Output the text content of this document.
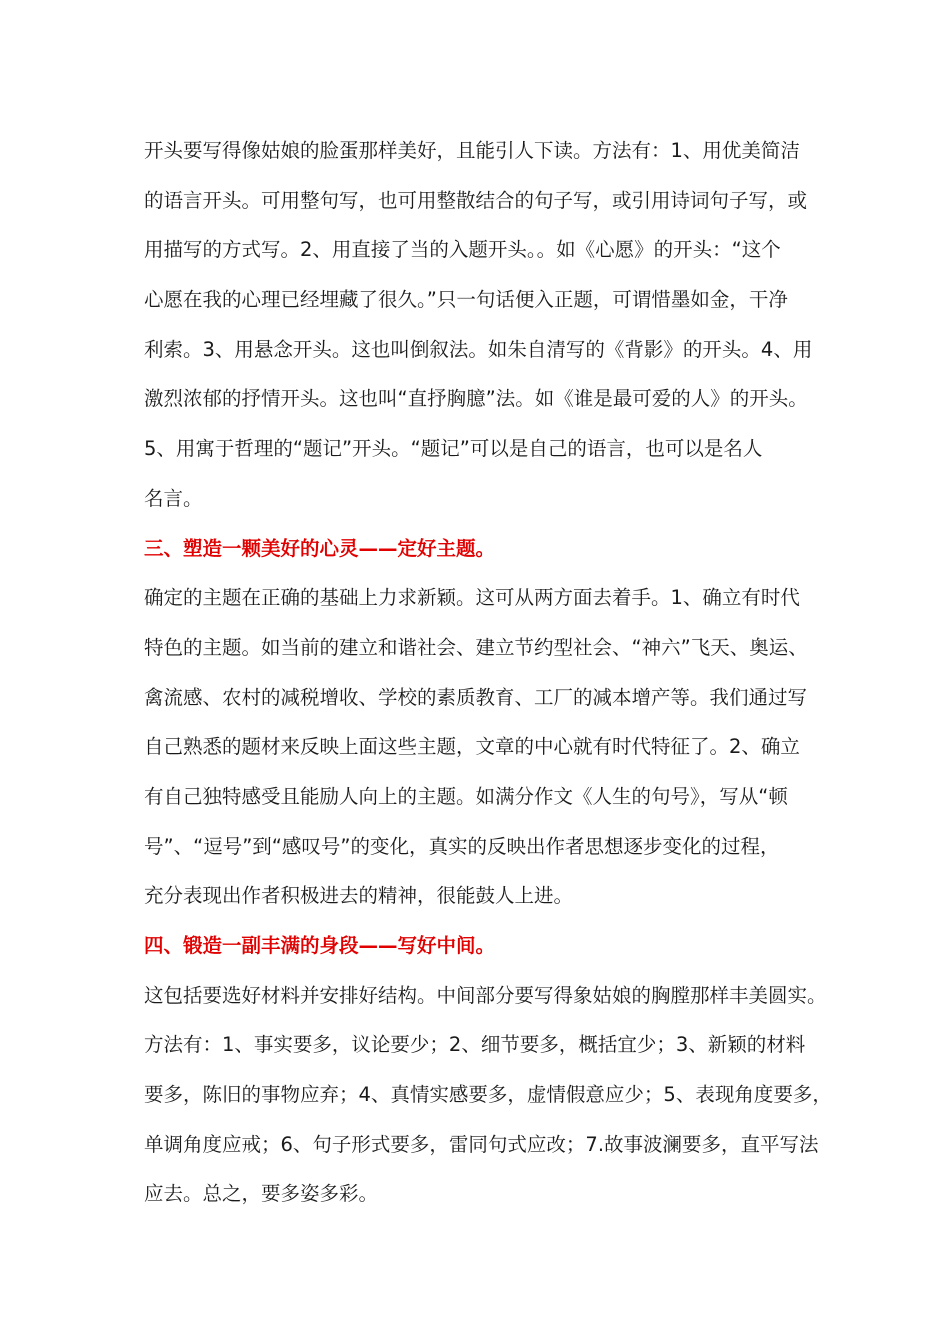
开头要写得像姑娘的脸蛋那样美好，且能引人下读。方法有：1、用优美简洁
的语言开头。可用整句写，也可用整散结合的句子写，或引用诗词句子写，或
用描写的方式写。2、用直接了当的入题开头。。如《心愿》的开头：“这个
心愿在我的心理已经埋藏了很久。”只一句话便入正题，可谓惜墨如金，干净
利索。3、用悬念开头。这也叫倒叙法。如朱自清写的《背影》的开头。4、用
激烈浓郁的抒情开头。这也叫“直抒胸臆”法。如《谁是最可爱的人》的开头。
5、用寓于哲理的“题记”开头。“题记”可以是自己的语言，也可以是名人
名言。
三、塑造一颗美好的心灵——定好主题。
确定的主题在正确的基础上力求新颖。这可从两方面去着手。1、确立有时代
特色的主题。如当前的建立和谐社会、建立节约型社会、“神六”飞天、奥运、
禽流感、农村的减税增收、学校的素质教育、工厂的减本增产等。我们通过写
自己熟悉的题材来反映上面这些主题，文章的中心就有时代特征了。2、确立
有自己独特感受且能励人向上的主题。如满分作文《人生的句号》，写从“顿
号”、“逗号”到“感叹号”的变化，真实的反映出作者思想逐步变化的过程，
充分表现出作者积极进去的精神，很能鼓人上进。
四、锻造一副丰满的身段——写好中间。
这包括要选好材料并安排好结构。中间部分要写得象姑娘的胸膛那样丰美圆实。
方法有：1、事实要多，议论要少；2、细节要多，概括宜少；3、新颖的材料
要多，陈旧的事物应弃；4、真情实感要多，虚情假意应少；5、表现角度要多，
单调角度应戒；6、句子形式要多，雷同句式应改；7.故事波澜要多，直平写法
应去。总之，要多姿多彩。
